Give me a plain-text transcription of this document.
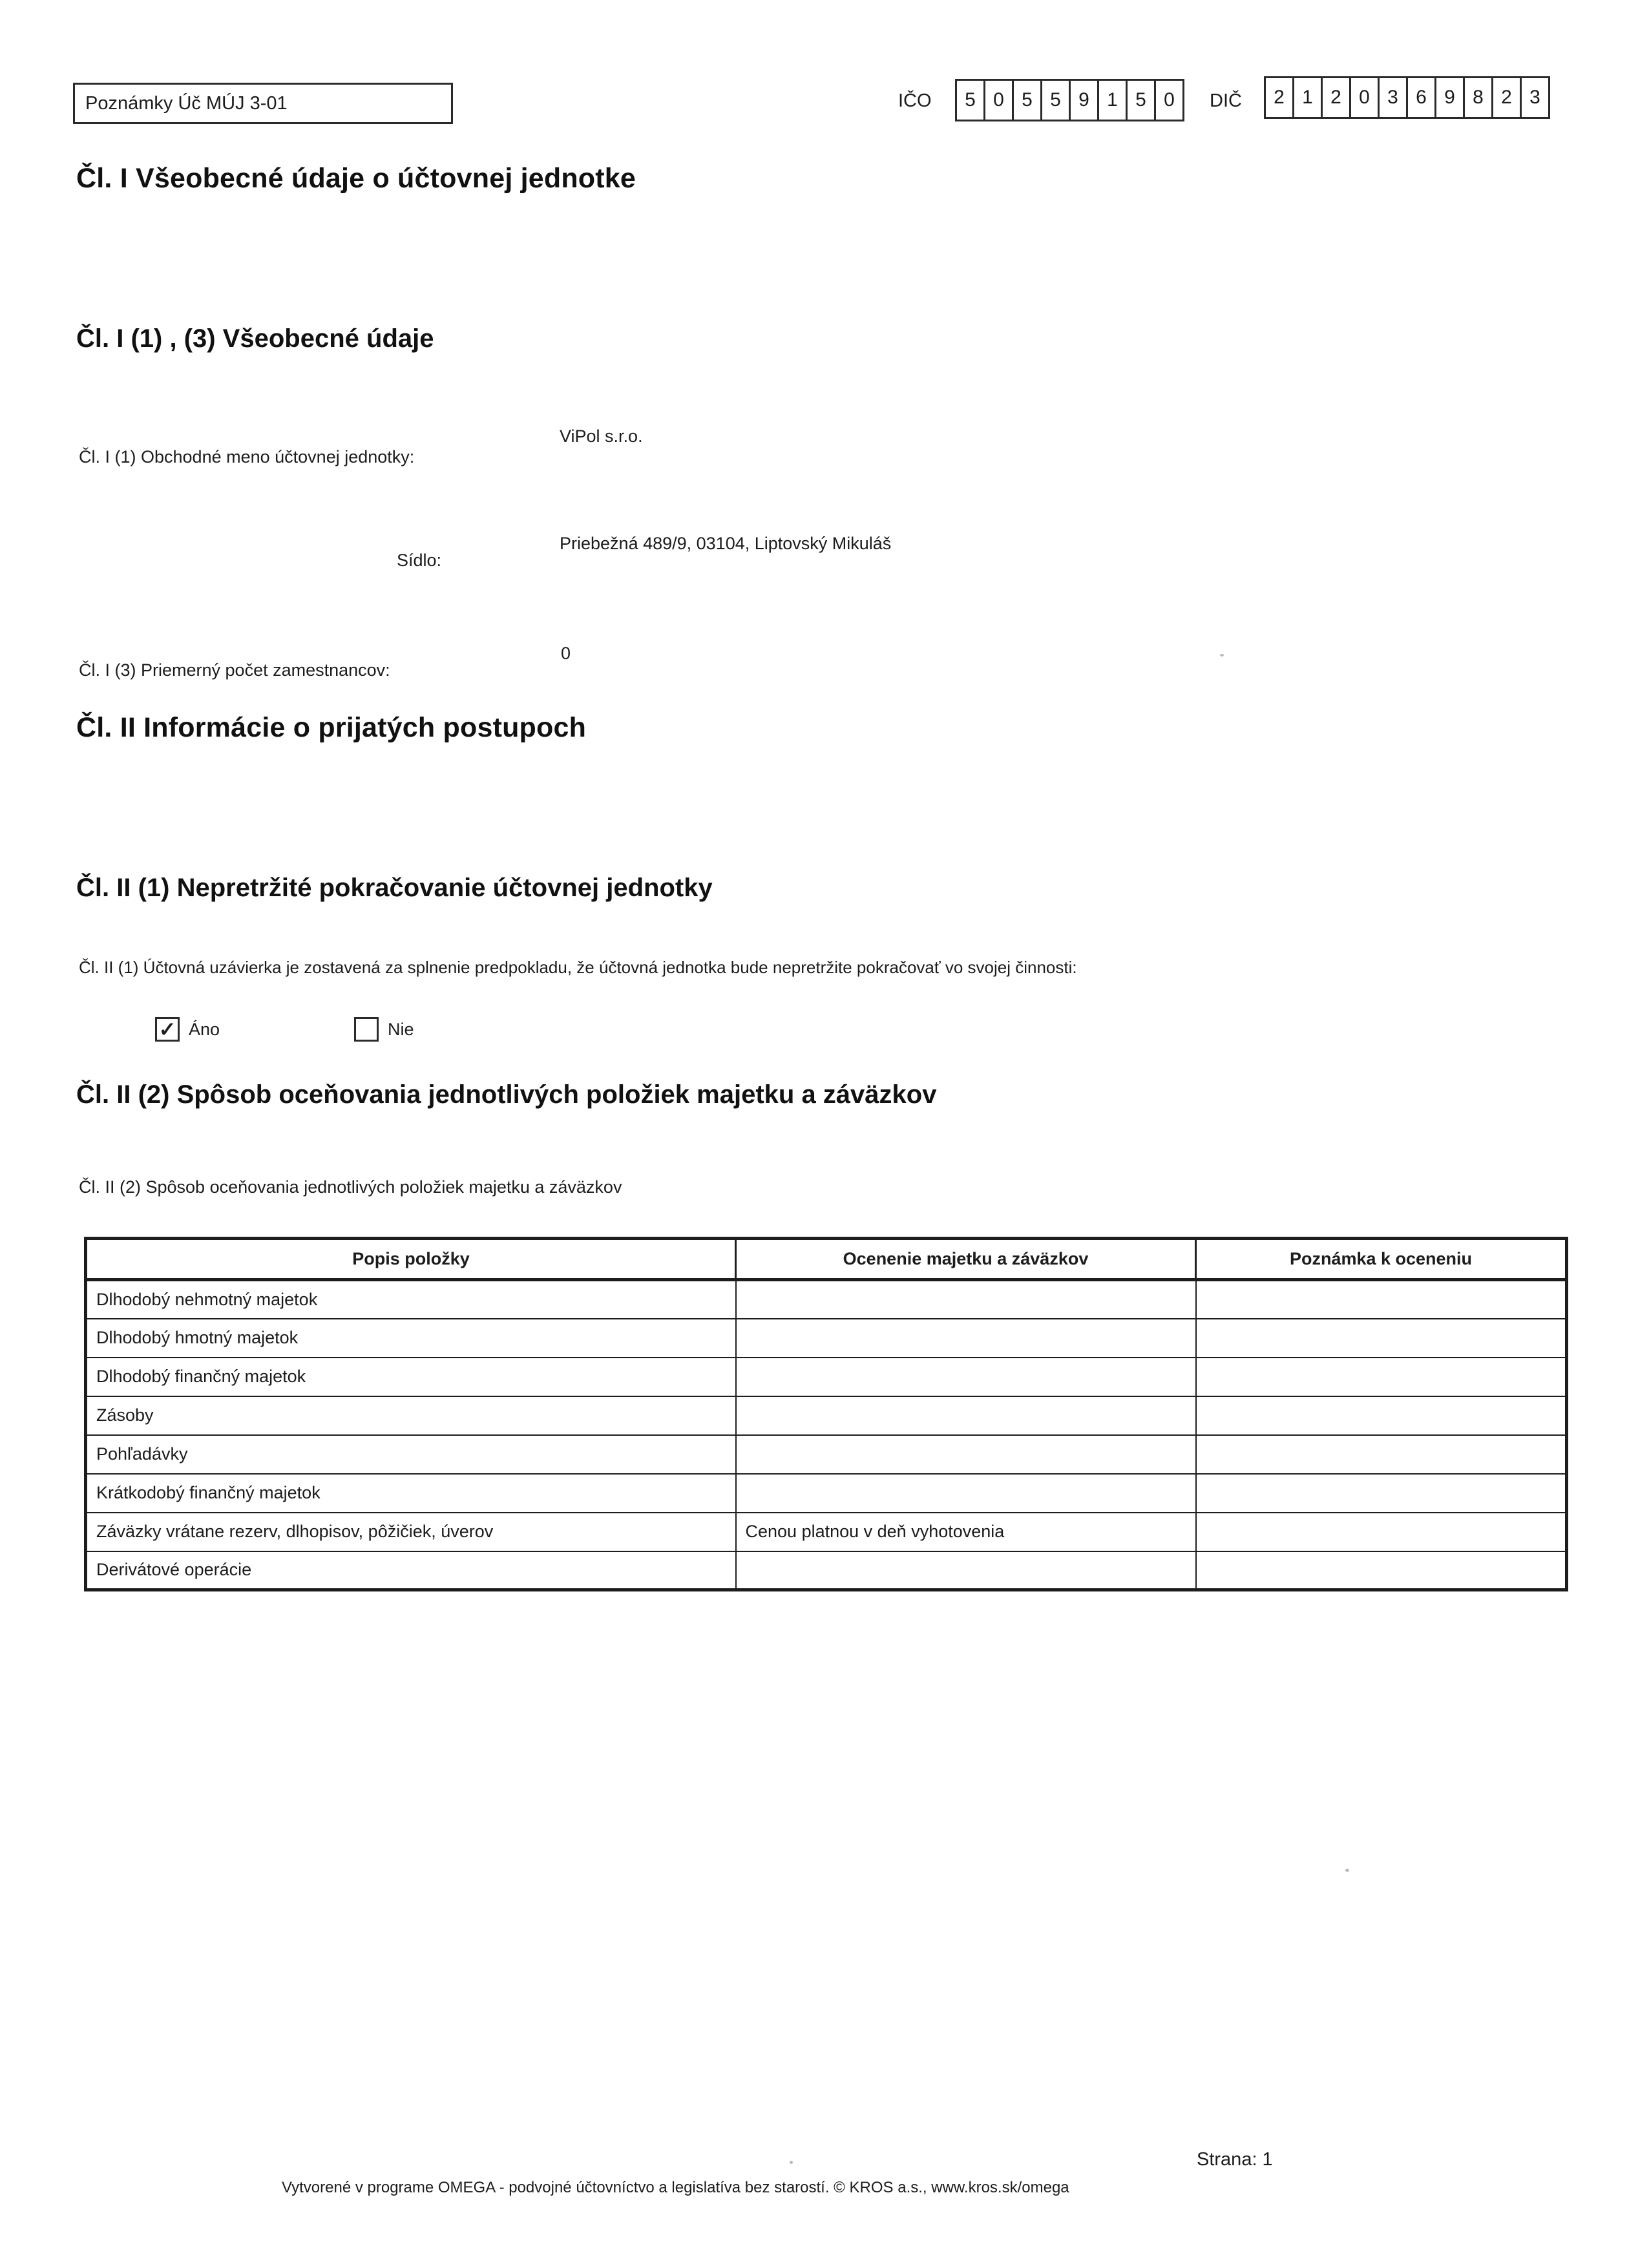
Poznámky Úč MÚJ 3-01	IČO	5 0 5 5 9 1 5 0	DIČ	2 1 2 0 3 6 9 8 2 3
Čl. I Všeobecné údaje o účtovnej jednotke
Čl. I (1) , (3) Všeobecné údaje
Čl. I (1) Obchodné meno účtovnej jednotky:
ViPol s.r.o.
Sídlo:
Priebežná 489/9, 03104, Liptovský Mikuláš
Čl. I (3) Priemerný počet zamestnancov:
0
Čl. II Informácie o prijatých postupoch
Čl. II (1) Nepretržité pokračovanie účtovnej jednotky
Čl. II (1) Účtovná uzávierka je zostavená za splnenie predpokladu, že účtovná jednotka bude nepretržite pokračovať vo svojej činnosti:
✓ Áno	Nie
Čl. II (2) Spôsob oceňovania jednotlivých položiek majetku a záväzkov
Čl. II (2) Spôsob oceňovania jednotlivých položiek majetku a záväzkov
Popis položky	Ocenenie majetku a záväzkov	Poznámka k oceneniu
Dlhodobý nehmotný majetok		
Dlhodobý hmotný majetok		
Dlhodobý finančný majetok		
Zásoby		
Pohľadávky		
Krátkodobý finančný majetok		
Záväzky vrátane rezerv, dlhopisov, pôžičiek, úverov	Cenou platnou v deň vyhotovenia	
Derivátové operácie		
Strana: 1
Vytvorené v programe OMEGA - podvojné účtovníctvo a legislatíva bez starostí. © KROS a.s., www.kros.sk/omega
